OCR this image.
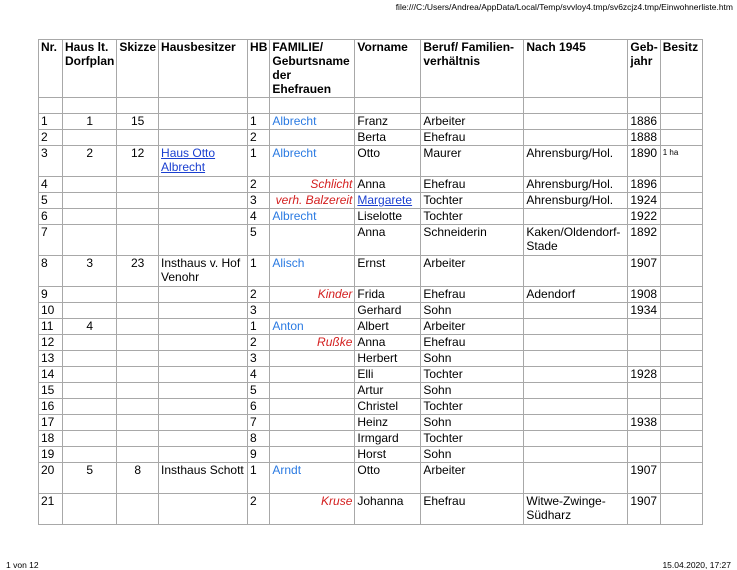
file:///C:/Users/Andrea/AppData/Local/Temp/svvloy4.tmp/sv6zcjz4.tmp/Einwohnerliste.htm
Nr.	Haus lt.
Dorfplan	Skizze	Hausbesitzer	HB	FAMILIE/
Geburtsname
der
Ehefrauen	Vorname	Beruf/ Familien-
verhältnis	Nach 1945	Geb-
jahr	Besitz

1	1	15		1	Albrecht	Franz	Arbeiter		1886	
2				2		Berta	Ehefrau		1888	
3	2	12	Haus Otto Albrecht	1	Albrecht	Otto	Maurer	Ahrensburg/Hol.	1890	1 ha
4				2	Schlicht	Anna	Ehefrau	Ahrensburg/Hol.	1896	
5				3	verh. Balzereit	Margarete	Tochter	Ahrensburg/Hol.	1924	
6				4	Albrecht	Liselotte	Tochter		1922	
7				5		Anna	Schneiderin	Kaken/Oldendorf-Stade	1892	
8	3	23	Insthaus v. Hof Venohr	1	Alisch	Ernst	Arbeiter		1907	
9				2	Kinder	Frida	Ehefrau	Adendorf	1908	
10				3		Gerhard	Sohn		1934	
11	4			1	Anton	Albert	Arbeiter			
12				2	Rußke	Anna	Ehefrau			
13				3		Herbert	Sohn			
14				4		Elli	Tochter		1928	
15				5		Artur	Sohn			
16				6		Christel	Tochter			
17				7		Heinz	Sohn		1938	
18				8		Irmgard	Tochter			
19				9		Horst	Sohn			
20	5	8	Insthaus Schott	1	Arndt	Otto	Arbeiter		1907	
21				2	Kruse	Johanna	Ehefrau	Witwe-Zwinge-Südharz	1907	
1 von 12	15.04.2020, 17:27
